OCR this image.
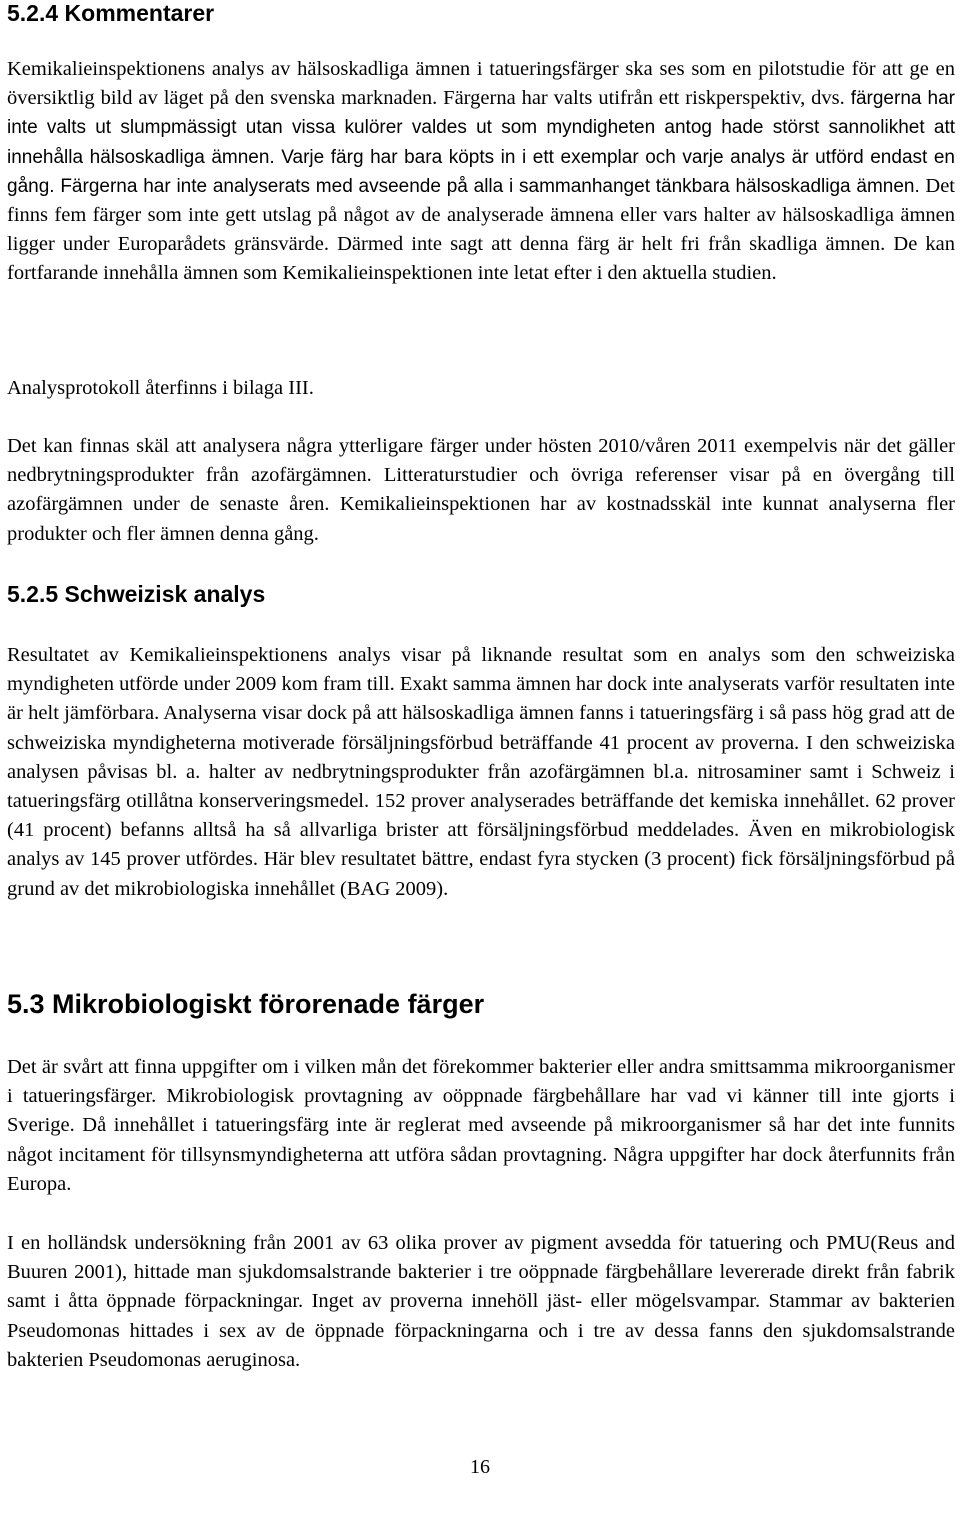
5.2.4 Kommentarer

Kemikalieinspektionens analys av hälsoskadliga ämnen i tatueringsfärger ska ses som en pilotstudie för att ge en översiktlig bild av läget på den svenska marknaden. Färgerna har valts utifrån ett riskperspektiv, dvs. färgerna har inte valts ut slumpmässigt utan vissa kulörer valdes ut som myndigheten antog hade störst sannolikhet att innehålla hälsoskadliga ämnen. Varje färg har bara köpts in i ett exemplar och varje analys är utförd endast en gång. Färgerna har inte analyserats med avseende på alla i sammanhanget tänkbara hälsoskadliga ämnen. Det finns fem färger som inte gett utslag på något av de analyserade ämnena eller vars halter av hälsoskadliga ämnen ligger under Europarådets gränsvärde. Därmed inte sagt att denna färg är helt fri från skadliga ämnen. De kan fortfarande innehålla ämnen som Kemikalieinspektionen inte letat efter i den aktuella studien.

Analysprotokoll återfinns i bilaga III.

Det kan finnas skäl att analysera några ytterligare färger under hösten 2010/våren 2011 exempelvis när det gäller nedbrytningsprodukter från azofärgämnen. Litteraturstudier och övriga referenser visar på en övergång till azofärgämnen under de senaste åren. Kemikalieinspektionen har av kostnadsskäl inte kunnat analyserna fler produkter och fler ämnen denna gång.

5.2.5 Schweizisk analys

Resultatet av Kemikalieinspektionens analys visar på liknande resultat som en analys som den schweiziska myndigheten utförde under 2009 kom fram till. Exakt samma ämnen har dock inte analyserats varför resultaten inte är helt jämförbara. Analyserna visar dock på att hälsoskadliga ämnen fanns i tatueringsfärg i så pass hög grad att de schweiziska myndigheterna motiverade försäljningsförbud beträffande 41 procent av proverna. I den schweiziska analysen påvisas bl. a. halter av nedbrytningsprodukter från azofärgämnen bl.a. nitrosaminer samt i Schweiz i tatueringsfärg otillåtna konserveringsmedel. 152 prover analyserades beträffande det kemiska innehållet. 62 prover (41 procent) befanns alltså ha så allvarliga brister att försäljningsförbud meddelades. Även en mikrobiologisk analys av 145 prover utfördes. Här blev resultatet bättre, endast fyra stycken (3 procent) fick försäljningsförbud på grund av det mikrobiologiska innehållet (BAG 2009).

5.3 Mikrobiologiskt förorenade färger

Det är svårt att finna uppgifter om i vilken mån det förekommer bakterier eller andra smittsamma mikroorganismer i tatueringsfärger. Mikrobiologisk provtagning av oöppnade färgbehållare har vad vi känner till inte gjorts i Sverige. Då innehållet i tatueringsfärg inte är reglerat med avseende på mikroorganismer så har det inte funnits något incitament för tillsynsmyndigheterna att utföra sådan provtagning. Några uppgifter har dock återfunnits från Europa.

I en holländsk undersökning från 2001 av 63 olika prover av pigment avsedda för tatuering och PMU(Reus and Buuren 2001), hittade man sjukdomsalstrande bakterier i tre oöppnade färgbehållare levererade direkt från fabrik samt i åtta öppnade förpackningar. Inget av proverna innehöll jäst- eller mögelsvampar. Stammar av bakterien Pseudomonas hittades i sex av de öppnade förpackningarna och i tre av dessa fanns den sjukdomsalstrande bakterien Pseudomonas aeruginosa.

16
